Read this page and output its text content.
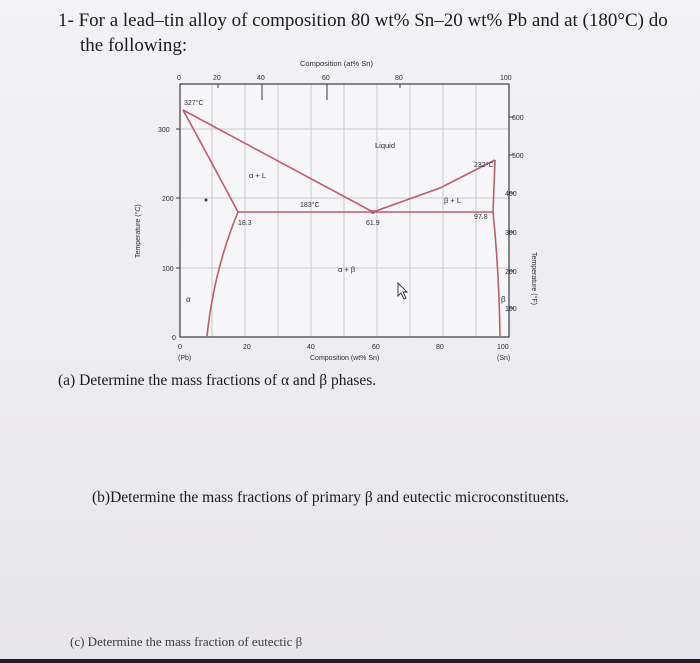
1- For a lead–tin alloy of composition 80 wt% Sn–20 wt% Pb and at (180°C) do
the following:
Composition (at% Sn)
0	20	40	60	80	100
Temperature (°C)
300
200
100
0
Temperature (°F)
600
500
400
300
200
100
0	20	40	60	80	100
Composition (wt% Sn)
(Pb)	(Sn)
327°C
232°C
183°C
18.3	61.9
97.8
Liquid
α + L
β + L
α + β
α	β
(a) Determine the mass fractions of α and β phases.
(b)Determine the mass fractions of primary β and eutectic microconstituents.
(c) Determine the mass fraction of eutectic β
